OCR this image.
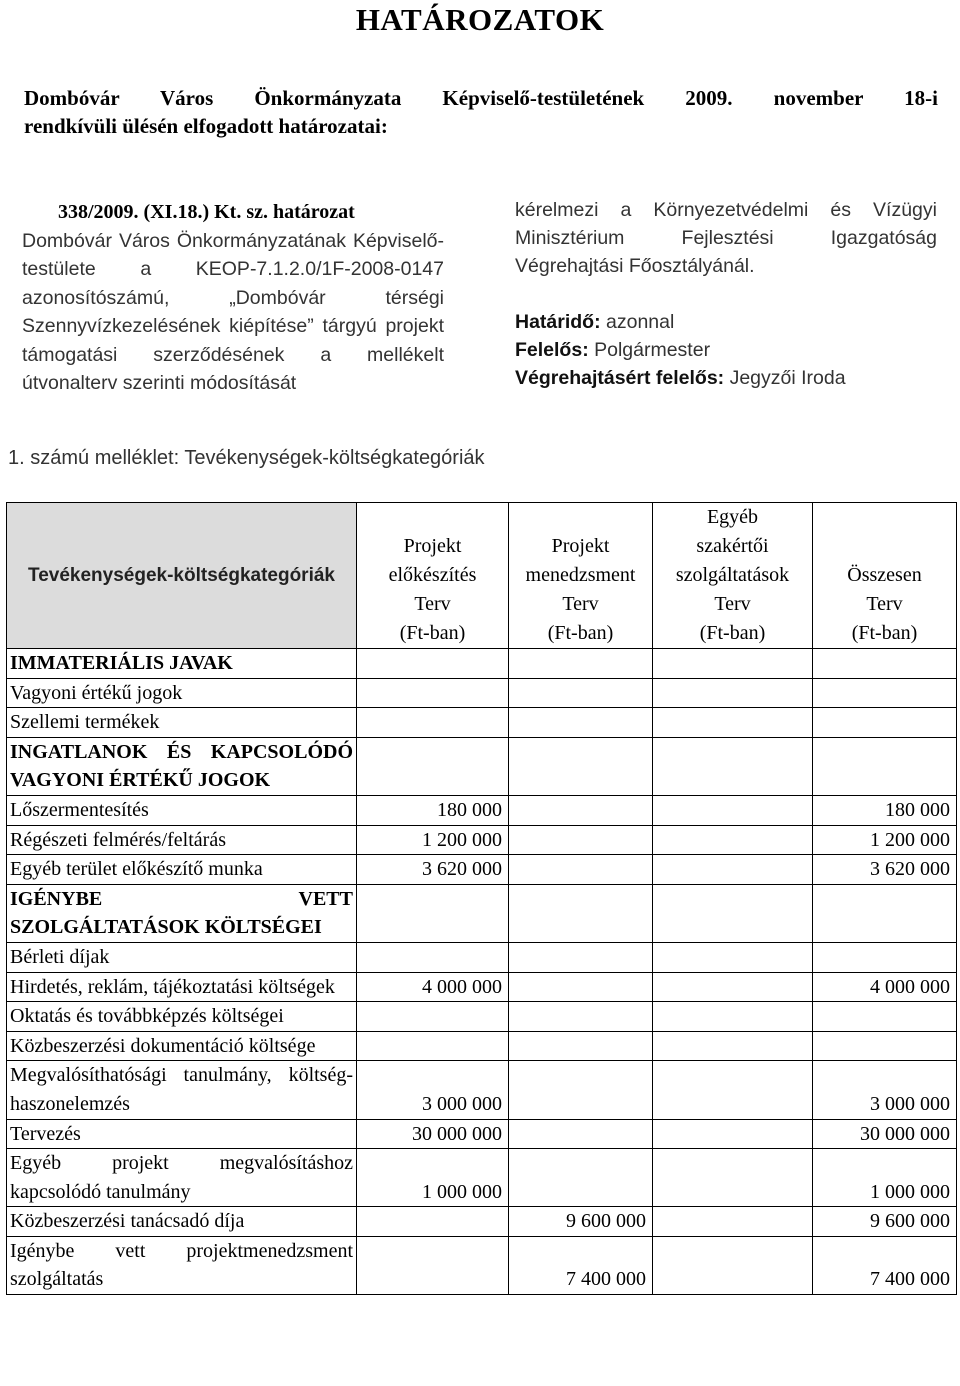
HATÁROZATOK
Dombóvár Város Önkormányzata Képviselő-testületének 2009. november 18-i
rendkívüli ülésén elfogadott határozatai:
338/2009. (XI.18.) Kt. sz. határozat
Dombóvár Város Önkormányzatának Képviselő-testülete a KEOP-7.1.2.0/1F-2008-0147 azonosítószámú, „Dombóvár térségi Szennyvízkezelésének kiépítése” tárgyú projekt támogatási szerződésének a mellékelt útvonalterv szerinti módosítását
kérelmezi a Környezetvédelmi és Vízügyi Minisztérium Fejlesztési Igazgatóság Végrehajtási Főosztályánál.
Határidő: azonnal
Felelős: Polgármester
Végrehajtásért felelős: Jegyzői Iroda
1. számú melléklet: Tevékenységek-költségkategóriák
Tevékenységek-költségkategóriák	Projekt
előkészítés
Terv
(Ft-ban)	Projekt
menedzsment
Terv
(Ft-ban)	Egyéb
szakértői
szolgáltatások
Terv
(Ft-ban)	Összesen
Terv
(Ft-ban)

IMMATERIÁLIS JAVAK				
Vagyoni értékű jogok				
Szellemi termékek				
INGATLANOK ÉS KAPCSOLÓDÓ VAGYONI ÉRTÉKŰ JOGOK				
Lőszermentesítés	180 000			180 000
Régészeti felmérés/feltárás	1 200 000			1 200 000
Egyéb terület előkészítő munka	3 620 000			3 620 000
IGÉNYBE VETT SZOLGÁLTATÁSOK KÖLTSÉGEI				
Bérleti díjak				
Hirdetés, reklám, tájékoztatási költségek	4 000 000			4 000 000
Oktatás és továbbképzés költségei				
Közbeszerzési dokumentáció költsége				
Megvalósíthatósági tanulmány, költség-haszonelemzés	3 000 000			3 000 000
Tervezés	30 000 000			30 000 000
Egyéb projekt megvalósításhoz kapcsolódó tanulmány	1 000 000			1 000 000
Közbeszerzési tanácsadó díja		9 600 000		9 600 000
Igénybe vett projektmenedzsment szolgáltatás		7 400 000		7 400 000
